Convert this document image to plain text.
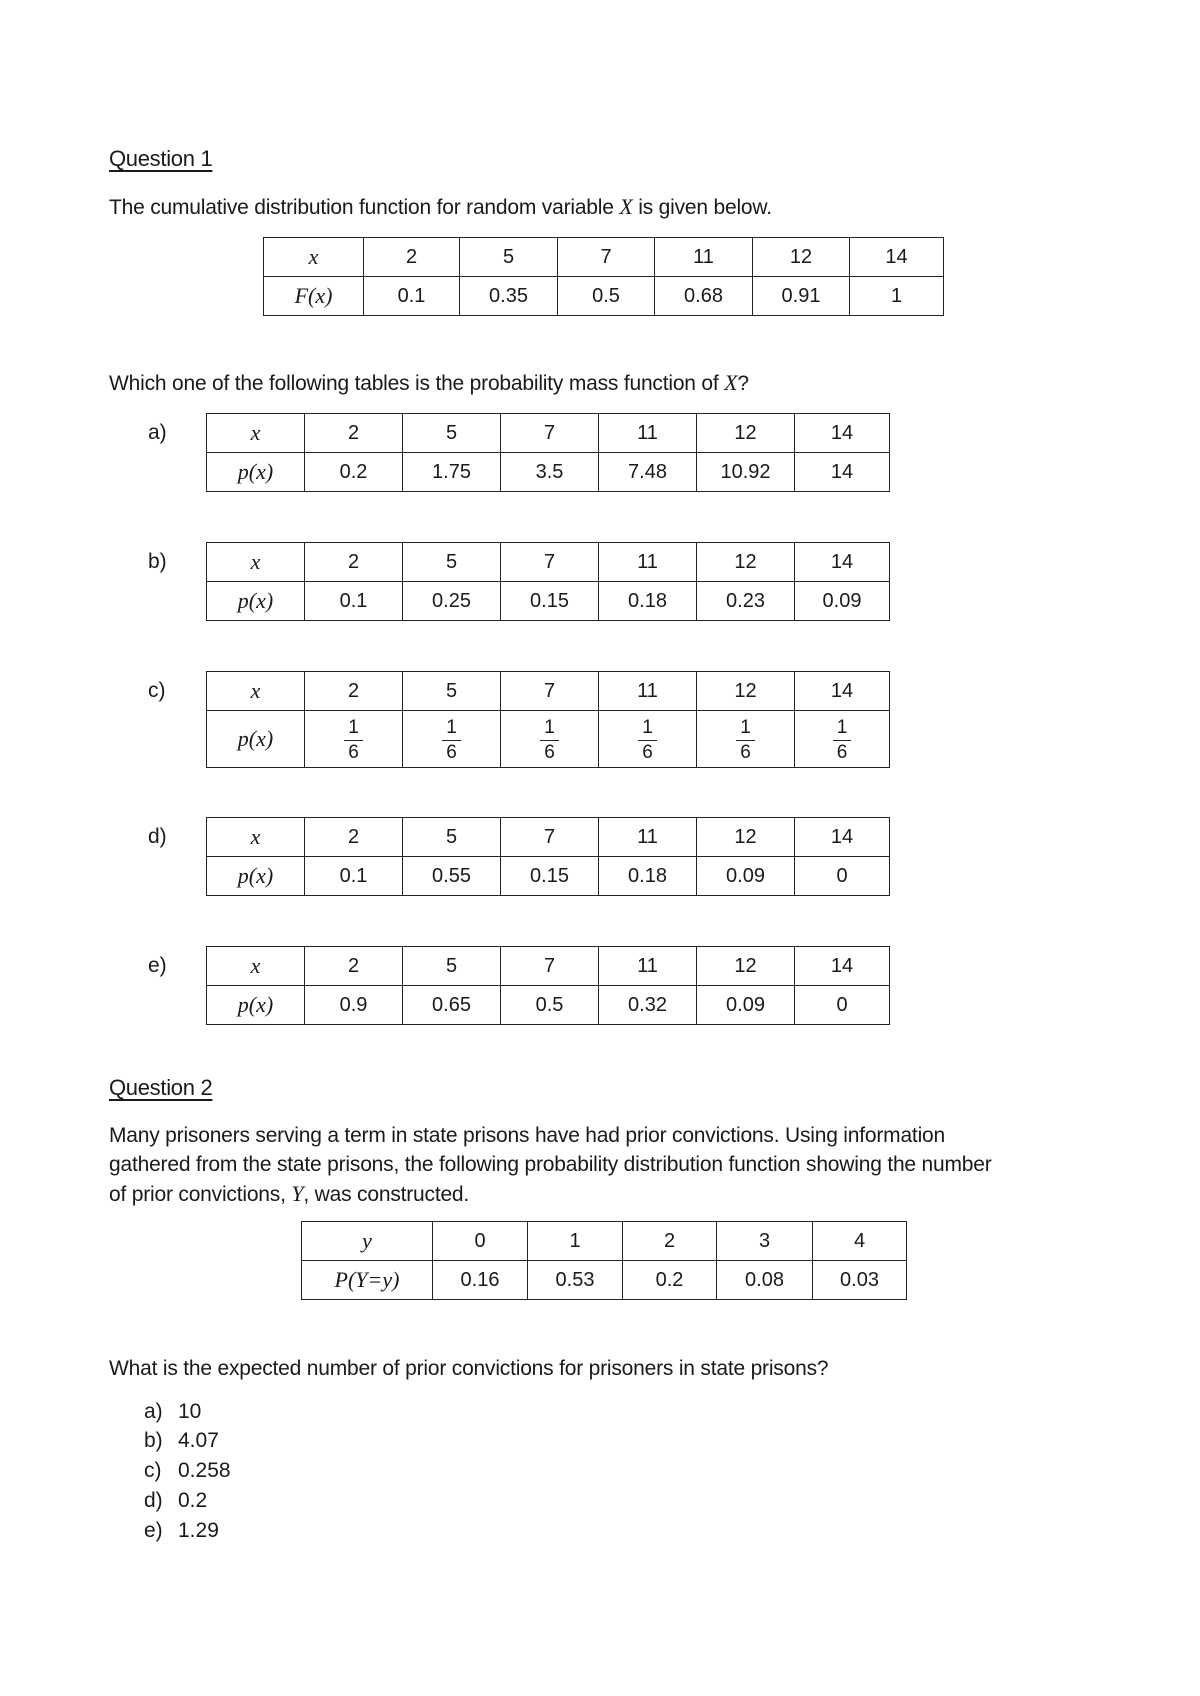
Question 1
The cumulative distribution function for random variable X is given below.
x	2	5	7	11	12	14
F(x)	0.1	0.35	0.5	0.68	0.91	1
Which one of the following tables is the probability mass function of X?
a)	x	2	5	7	11	12	14
p(x)	0.2	1.75	3.5	7.48	10.92	14
b)	x	2	5	7	11	12	14
p(x)	0.1	0.25	0.15	0.18	0.23	0.09
c)	x	2	5	7	11	12	14
p(x)	$\frac{1}{6}$	$\frac{1}{6}$	$\frac{1}{6}$	$\frac{1}{6}$	$\frac{1}{6}$	$\frac{1}{6}$
d)	x	2	5	7	11	12	14
p(x)	0.1	0.55	0.15	0.18	0.09	0
e)	x	2	5	7	11	12	14
p(x)	0.9	0.65	0.5	0.32	0.09	0
Question 2
Many prisoners serving a term in state prisons have had prior convictions. Using information
gathered from the state prisons, the following probability distribution function showing the number
of prior convictions, Y, was constructed.
y	0	1	2	3	4
P(Y=y)	0.16	0.53	0.2	0.08	0.03
What is the expected number of prior convictions for prisoners in state prisons?
a) 10
b) 4.07
c) 0.258
d) 0.2
e) 1.29
